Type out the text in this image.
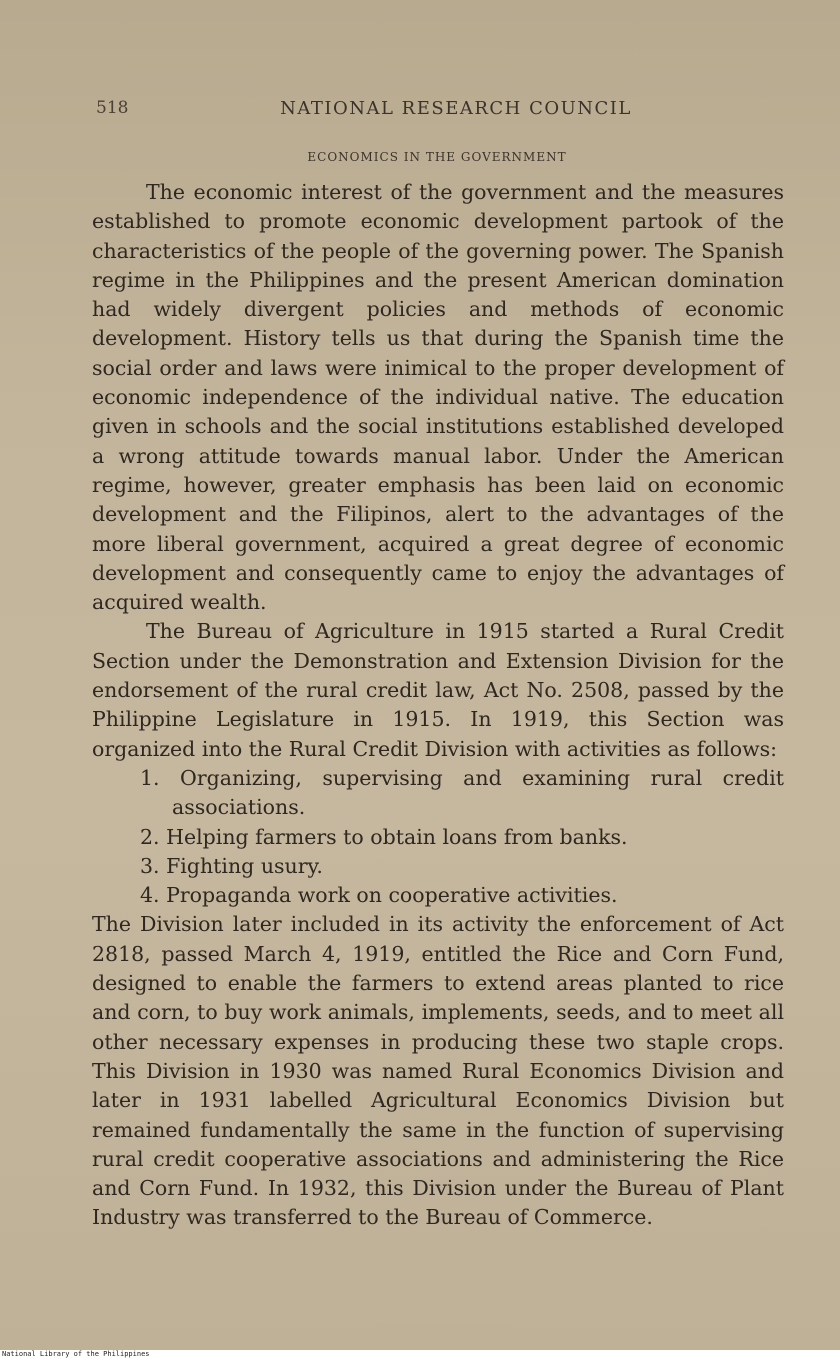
518	NATIONAL RESEARCH COUNCIL
ECONOMICS IN THE GOVERNMENT

The economic interest of the government and the measures established to promote economic development partook of the characteristics of the people of the governing power. The Spanish regime in the Philippines and the present American domination had widely divergent policies and methods of economic development. History tells us that during the Spanish time the social order and laws were inimical to the proper development of economic independence of the individual native. The education given in schools and the social institutions established developed a wrong attitude towards manual labor. Under the American regime, however, greater emphasis has been laid on economic development and the Filipinos, alert to the advantages of the more liberal government, acquired a great degree of economic development and consequently came to enjoy the advantages of acquired wealth.

The Bureau of Agriculture in 1915 started a Rural Credit Section under the Demonstration and Extension Division for the endorsement of the rural credit law, Act No. 2508, passed by the Philippine Legislature in 1915. In 1919, this Section was organized into the Rural Credit Division with activities as follows:

1. Organizing, supervising and examining rural credit associations.
2. Helping farmers to obtain loans from banks.
3. Fighting usury.
4. Propaganda work on cooperative activities.

The Division later included in its activity the enforcement of Act 2818, passed March 4, 1919, entitled the Rice and Corn Fund, designed to enable the farmers to extend areas planted to rice and corn, to buy work animals, implements, seeds, and to meet all other necessary expenses in producing these two staple crops. This Division in 1930 was named Rural Economics Division and later in 1931 labelled Agricultural Economics Division but remained fundamentally the same in the function of supervising rural credit cooperative associations and administering the Rice and Corn Fund. In 1932, this Division under the Bureau of Plant Industry was transferred to the Bureau of Commerce.

National Library of the Philippines
